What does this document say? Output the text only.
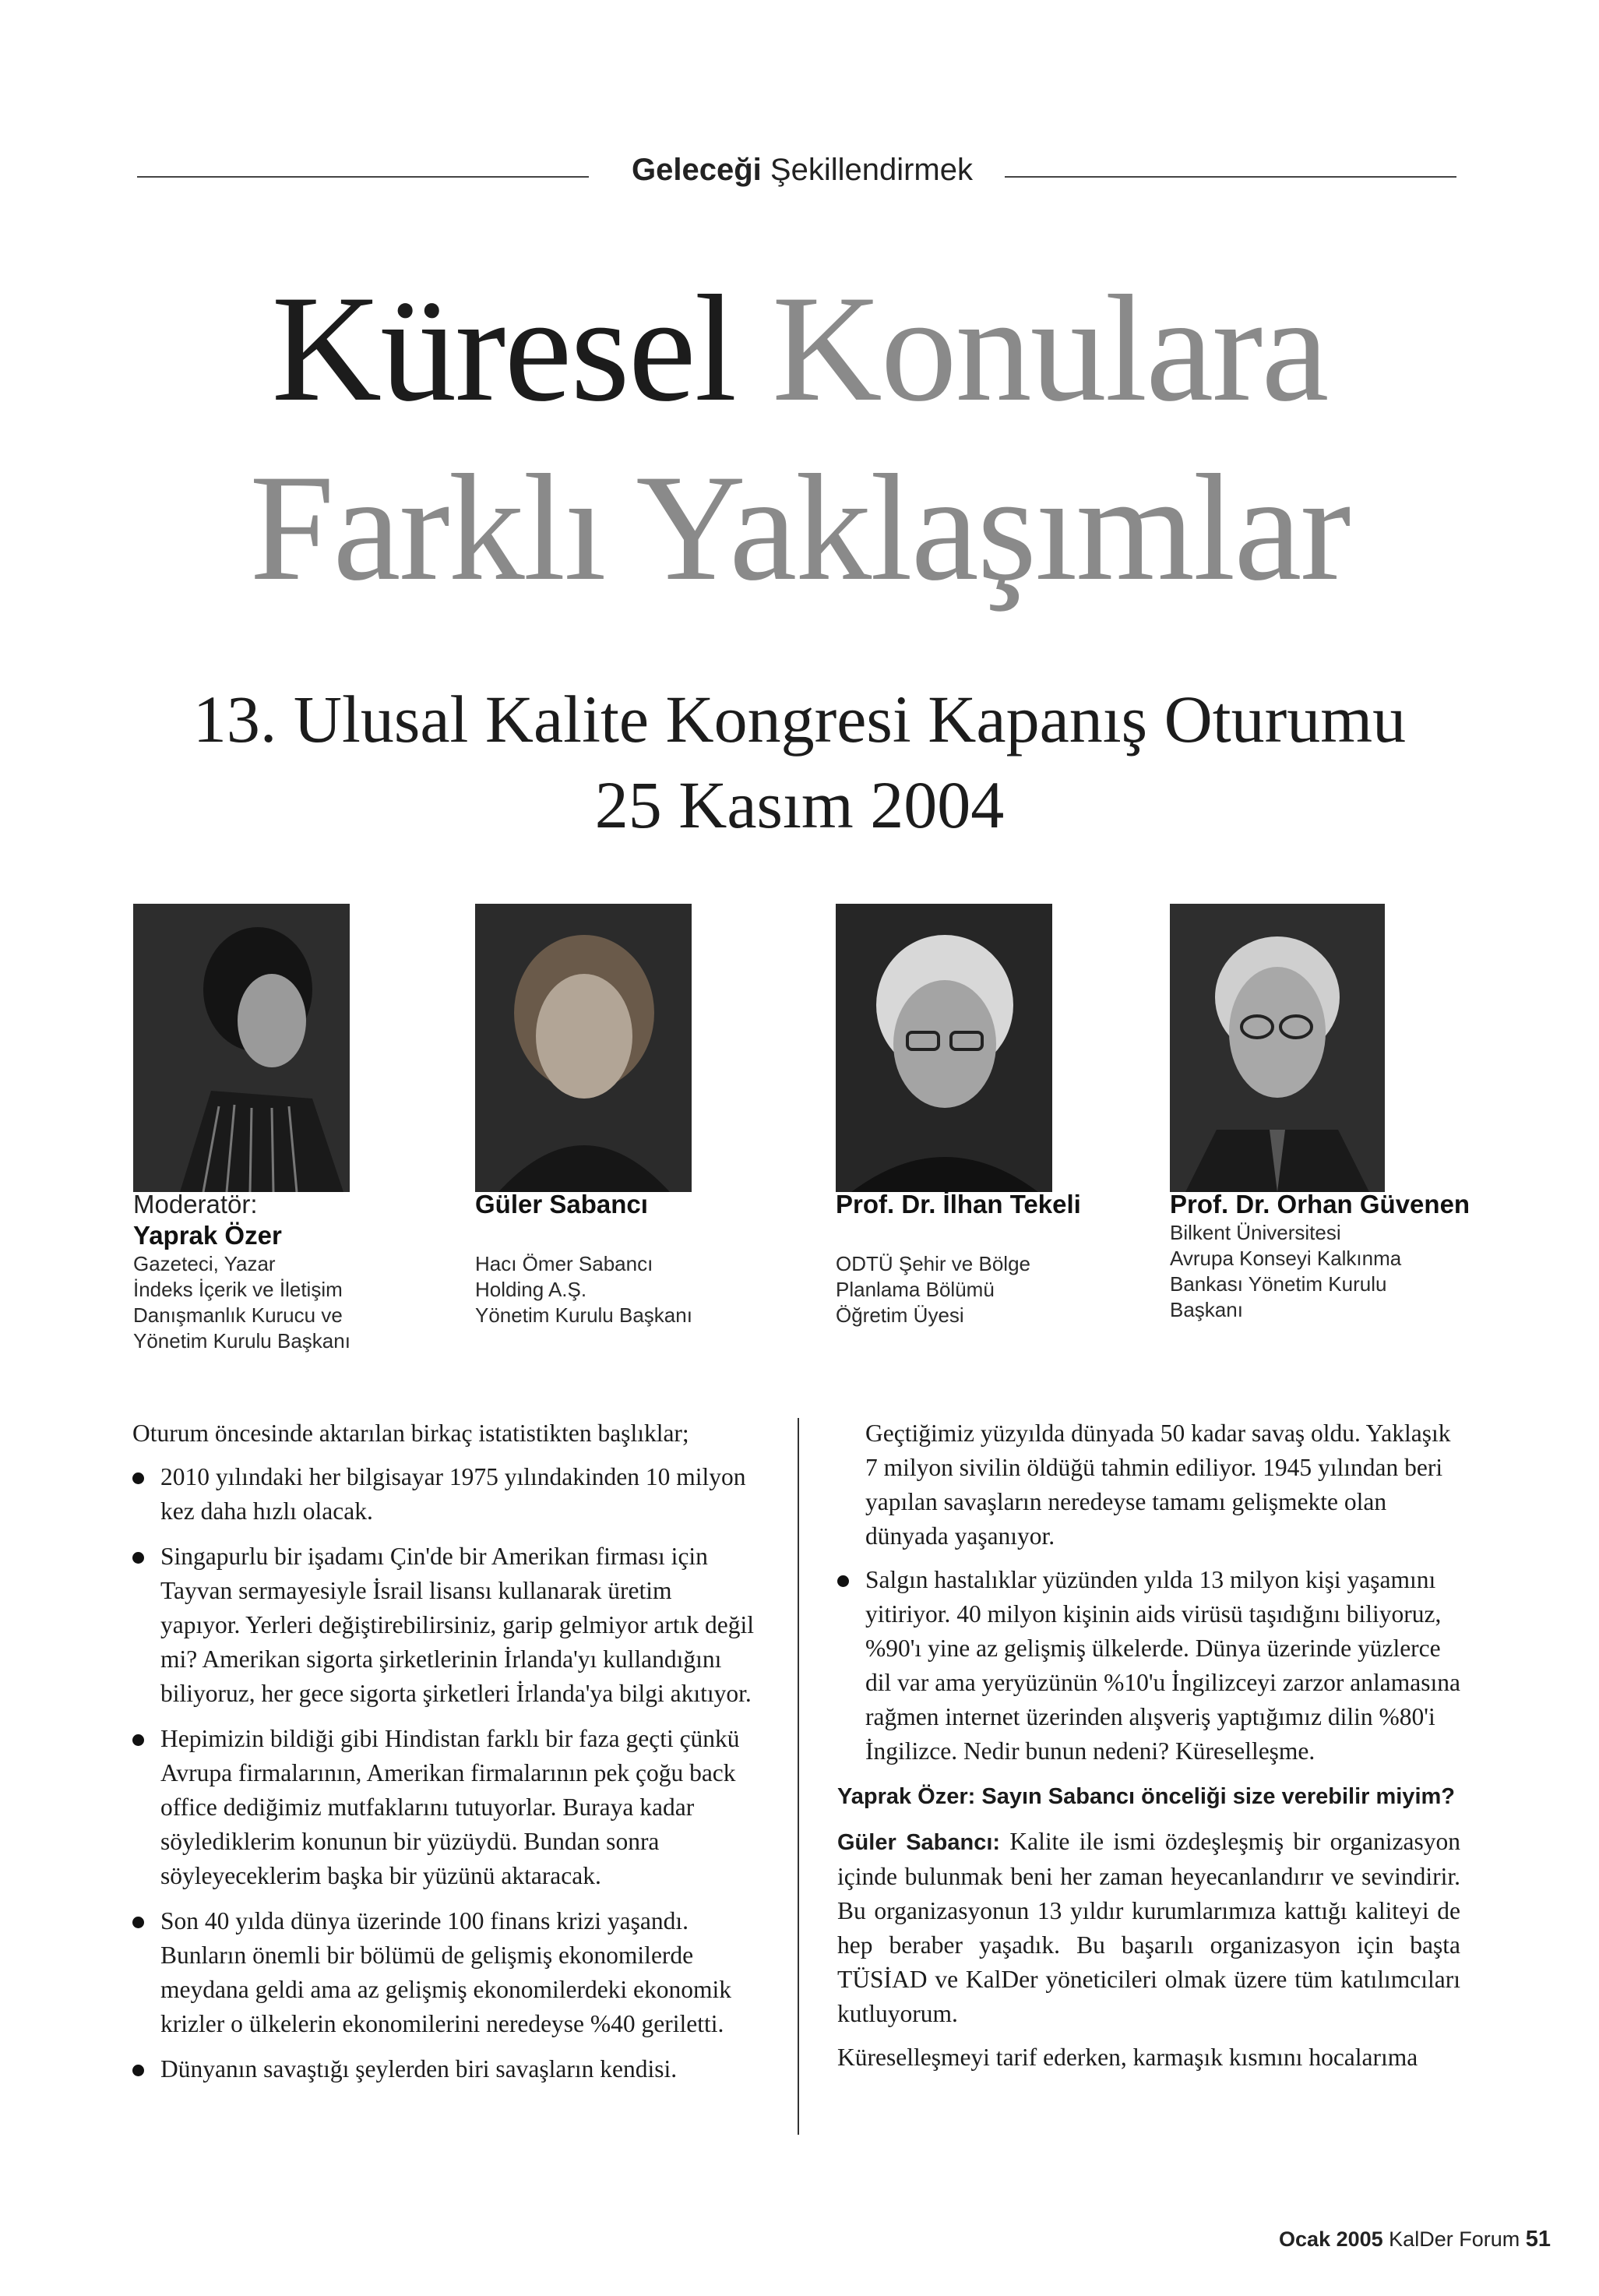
Geleceği Şekillendirmek
Küresel Konulara
Farklı Yaklaşımlar
13. Ulusal Kalite Kongresi Kapanış Oturumu
25 Kasım 2004
Moderatör:
Yaprak Özer
Gazeteci, Yazar
İndeks İçerik ve İletişim
Danışmanlık Kurucu ve
Yönetim Kurulu Başkanı
Güler Sabancı
Hacı Ömer Sabancı
Holding A.Ş.
Yönetim Kurulu Başkanı
Prof. Dr. İlhan Tekeli
ODTÜ Şehir ve Bölge
Planlama Bölümü
Öğretim Üyesi
Prof. Dr. Orhan Güvenen
Bilkent Üniversitesi
Avrupa Konseyi Kalkınma
Bankası Yönetim Kurulu
Başkanı

Oturum öncesinde aktarılan birkaç istatistikten başlıklar;

2010 yılındaki her bilgisayar 1975 yılındakinden 10 milyon kez daha hızlı olacak.

Singapurlu bir işadamı Çin'de bir Amerikan firması için Tayvan sermayesiyle İsrail lisansı kullanarak üretim yapıyor. Yerleri değiştirebilirsiniz, garip gelmiyor artık değil mi? Amerikan sigorta şirketlerinin İrlanda'yı kullandığını biliyoruz, her gece sigorta şirketleri İrlanda'ya bilgi akıtıyor.

Hepimizin bildiği gibi Hindistan farklı bir faza geçti çünkü Avrupa firmalarının, Amerikan firmalarının pek çoğu back office dediğimiz mutfaklarını tutuyorlar. Buraya kadar söylediklerim konunun bir yüzüydü. Bundan sonra söyleyeceklerim başka bir yüzünü aktaracak.

Son 40 yılda dünya üzerinde 100 finans krizi yaşandı. Bunların önemli bir bölümü de gelişmiş ekonomilerde meydana geldi ama az gelişmiş ekonomilerdeki ekonomik krizler o ülkelerin ekonomilerini neredeyse %40 geriletti.

Dünyanın savaştığı şeylerden biri savaşların kendisi.

Geçtiğimiz yüzyılda dünyada 50 kadar savaş oldu. Yaklaşık 7 milyon sivilin öldüğü tahmin ediliyor. 1945 yılından beri yapılan savaşların neredeyse tamamı gelişmekte olan dünyada yaşanıyor.

Salgın hastalıklar yüzünden yılda 13 milyon kişi yaşamını yitiriyor. 40 milyon kişinin aids virüsü taşıdığını biliyoruz, %90'ı yine az gelişmiş ülkelerde. Dünya üzerinde yüzlerce dil var ama yeryüzünün %10'u İngilizceyi zarzor anlamasına rağmen internet üzerinden alışveriş yaptığımız dilin %80'i İngilizce. Nedir bunun nedeni? Küreselleşme.

Yaprak Özer: Sayın Sabancı önceliği size verebilir miyim?

Güler Sabancı: Kalite ile ismi özdeşleşmiş bir organizasyon içinde bulunmak beni her zaman heyecanlandırır ve sevindirir. Bu organizasyonun 13 yıldır kurumlarımıza kattığı kaliteyi de hep beraber yaşadık. Bu başarılı organizasyon için başta TÜSİAD ve KalDer yöneticileri olmak üzere tüm katılımcıları kutluyorum.

Küreselleşmeyi tarif ederken, karmaşık kısmını hocalarıma

Ocak 2005 KalDer Forum 51
